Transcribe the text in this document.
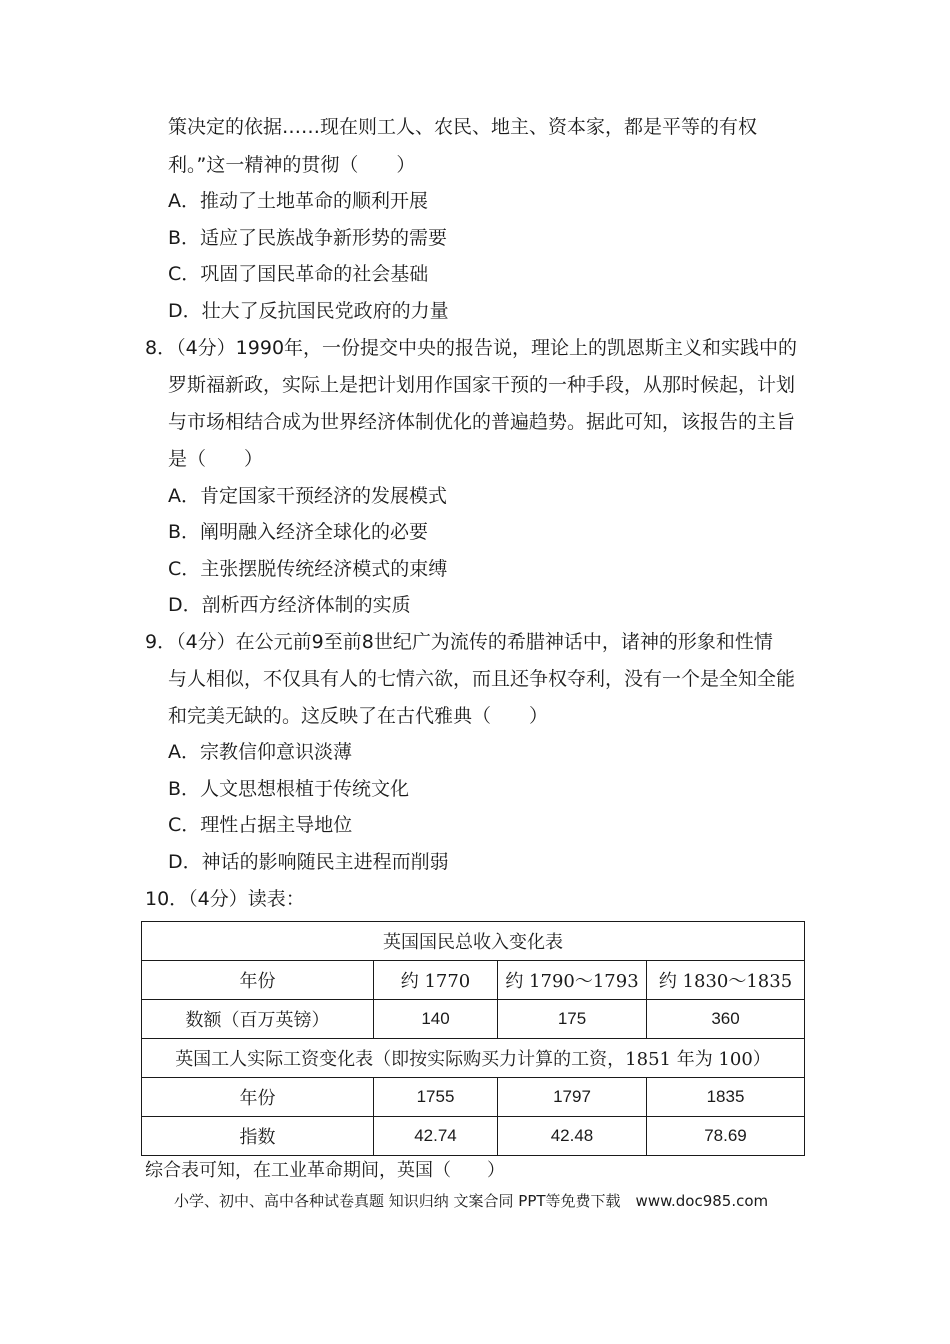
策决定的依据……现在则工人、农民、地主、资本家，都是平等的有权
利。”这一精神的贯彻（　　）
A．推动了土地革命的顺利开展
B．适应了民族战争新形势的需要
C．巩固了国民革命的社会基础
D．壮大了反抗国民党政府的力量
8．（4分）1990年，一份提交中央的报告说，理论上的凯恩斯主义和实践中的
罗斯福新政，实际上是把计划用作国家干预的一种手段，从那时候起，计划
与市场相结合成为世界经济体制优化的普遍趋势。据此可知，该报告的主旨
是（　　）
A．肯定国家干预经济的发展模式
B．阐明融入经济全球化的必要
C．主张摆脱传统经济模式的束缚
D．剖析西方经济体制的实质
9．（4分）在公元前9至前8世纪广为流传的希腊神话中，诸神的形象和性情
与人相似，不仅具有人的七情六欲，而且还争权夺利，没有一个是全知全能
和完美无缺的。这反映了在古代雅典（　　）
A．宗教信仰意识淡薄
B．人文思想根植于传统文化
C．理性占据主导地位
D．神话的影响随民主进程而削弱
10．（4分）读表：
英国国民总收入变化表			
年份	约 1770	约 1790～1793	约 1830～1835
数额（百万英镑）	140	175	360
英国工人实际工资变化表（即按实际购买力计算的工资，1851 年为 100）			
年份	1755	1797	1835
指数	42.74	42.48	78.69
综合表可知，在工业革命期间，英国（　　）
小学、初中、高中各种试卷真题 知识归纳 文案合同 PPT等免费下载　www.doc985.com
